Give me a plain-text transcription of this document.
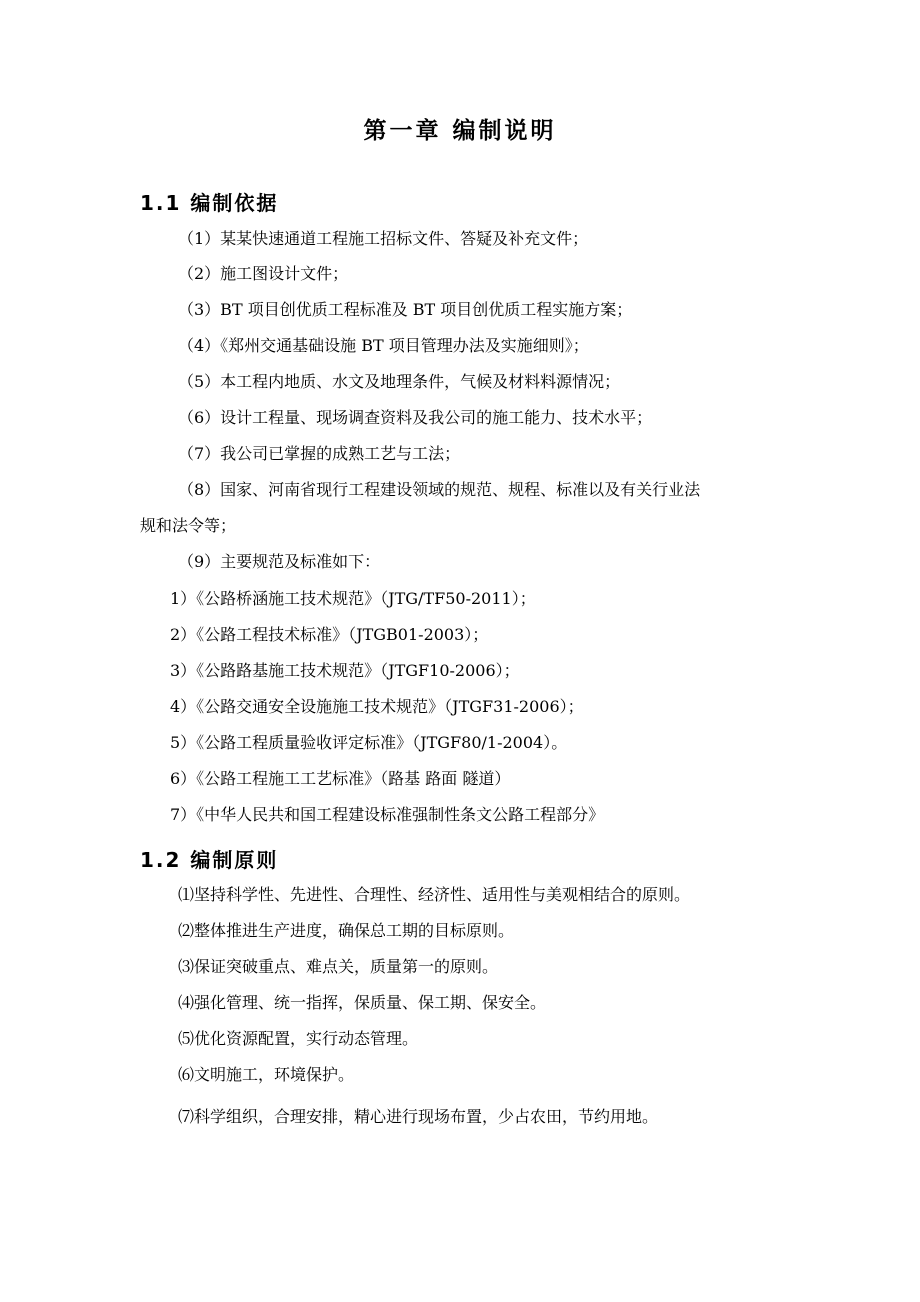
第一章 编制说明
1.1 编制依据
（1）某某快速通道工程施工招标文件、答疑及补充文件；
（2）施工图设计文件；
（3）BT 项目创优质工程标准及 BT 项目创优质工程实施方案；
（4）《郑州交通基础设施 BT 项目管理办法及实施细则》；
（5）本工程内地质、水文及地理条件，气候及材料料源情况；
（6）设计工程量、现场调查资料及我公司的施工能力、技术水平；
（7）我公司已掌握的成熟工艺与工法；
（8）国家、河南省现行工程建设领域的规范、规程、标准以及有关行业法
规和法令等；
（9）主要规范及标准如下：
1）《公路桥涵施工技术规范》（JTG/TF50-2011）；
2）《公路工程技术标准》（JTGB01-2003）；
3）《公路路基施工技术规范》（JTGF10-2006）；
4）《公路交通安全设施施工技术规范》（JTGF31-2006）；
5）《公路工程质量验收评定标准》（JTGF80/1-2004）。
6）《公路工程施工工艺标准》（路基 路面 隧道）
7）《中华人民共和国工程建设标准强制性条文公路工程部分》
1.2 编制原则
⑴坚持科学性、先进性、合理性、经济性、适用性与美观相结合的原则。
⑵整体推进生产进度，确保总工期的目标原则。
⑶保证突破重点、难点关，质量第一的原则。
⑷强化管理、统一指挥，保质量、保工期、保安全。
⑸优化资源配置，实行动态管理。
⑹文明施工，环境保护。
⑺科学组织，合理安排，精心进行现场布置，少占农田，节约用地。
